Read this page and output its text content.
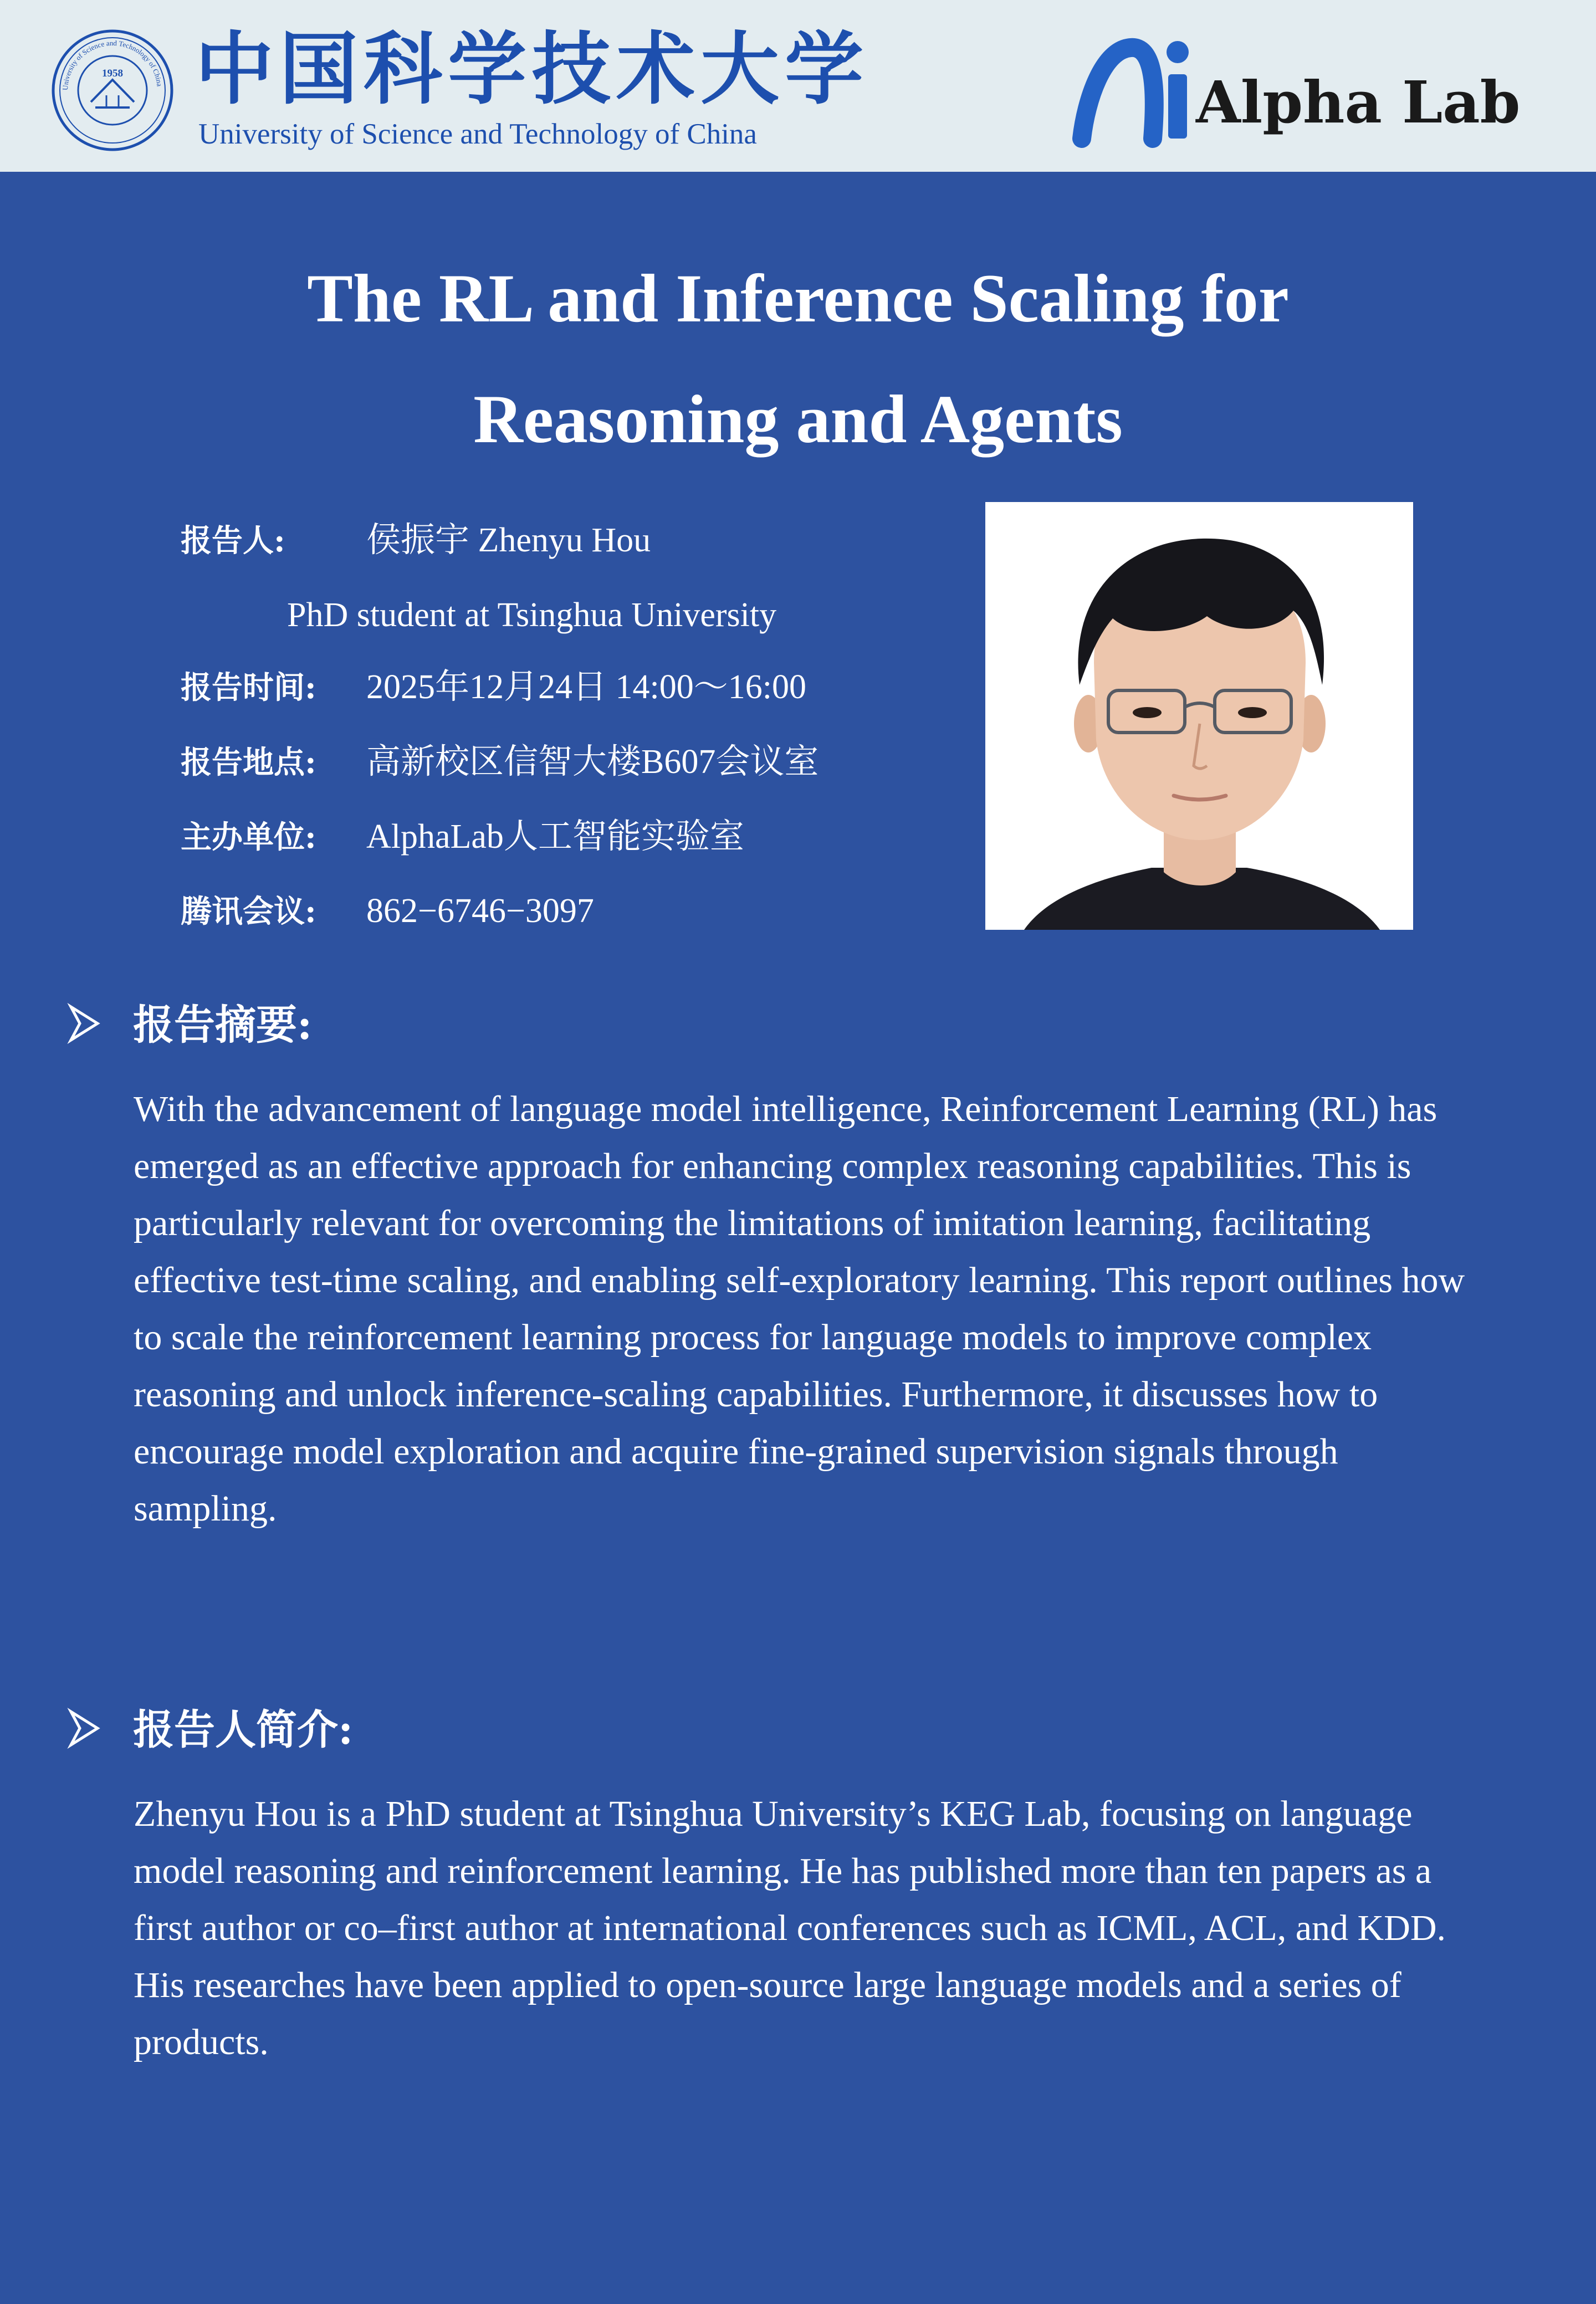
University of Science and Technology of China
1958 中国科学技术大学
University of Science and Technology of China	Alpha Lab
The RL and Inference Scaling for
Reasoning and Agents
报告人: 侯振宇 Zhenyu Hou
PhD student at Tsinghua University
报告时间: 2025年12月24日 14:00～16:00
报告地点: 高新校区信智大楼B607会议室
主办单位: AlphaLab人工智能实验室
腾讯会议: 862−6746−3097
报告摘要:

With the advancement of language model intelligence, Reinforcement Learning (RL) has emerged as an effective approach for enhancing complex reasoning capabilities. This is particularly relevant for overcoming the limitations of imitation learning, facilitating effective test-time scaling, and enabling self-exploratory learning. This report outlines how to scale the reinforcement learning process for language models to improve complex reasoning and unlock inference-scaling capabilities. Furthermore, it discusses how to encourage model exploration and acquire fine-grained supervision signals through sampling.

报告人简介:

Zhenyu Hou is a PhD student at Tsinghua University’s KEG Lab, focusing on language model reasoning and reinforcement learning. He has published more than ten papers as a first author or co–first author at international conferences such as ICML, ACL, and KDD. His researches have been applied to open-source large language models and a series of products.
